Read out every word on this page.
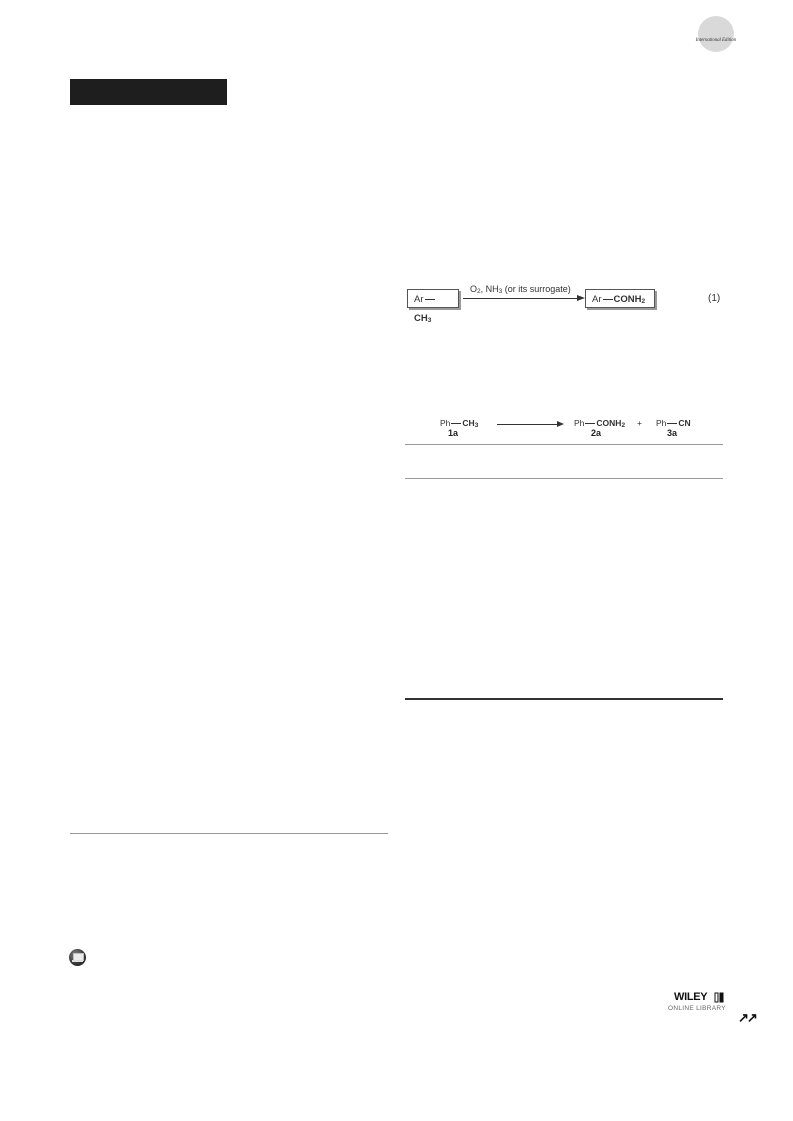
International Edition
ArCH$_3$
$O_2$, $NH_3$ (or its surrogate)
Ar $CONH_2$	(1)
Ph $CH_3$
1a
Ph $CONH_2$
2a
+ Ph CN
3a
WILEY
ONLINE LIBRARY
↗↗
